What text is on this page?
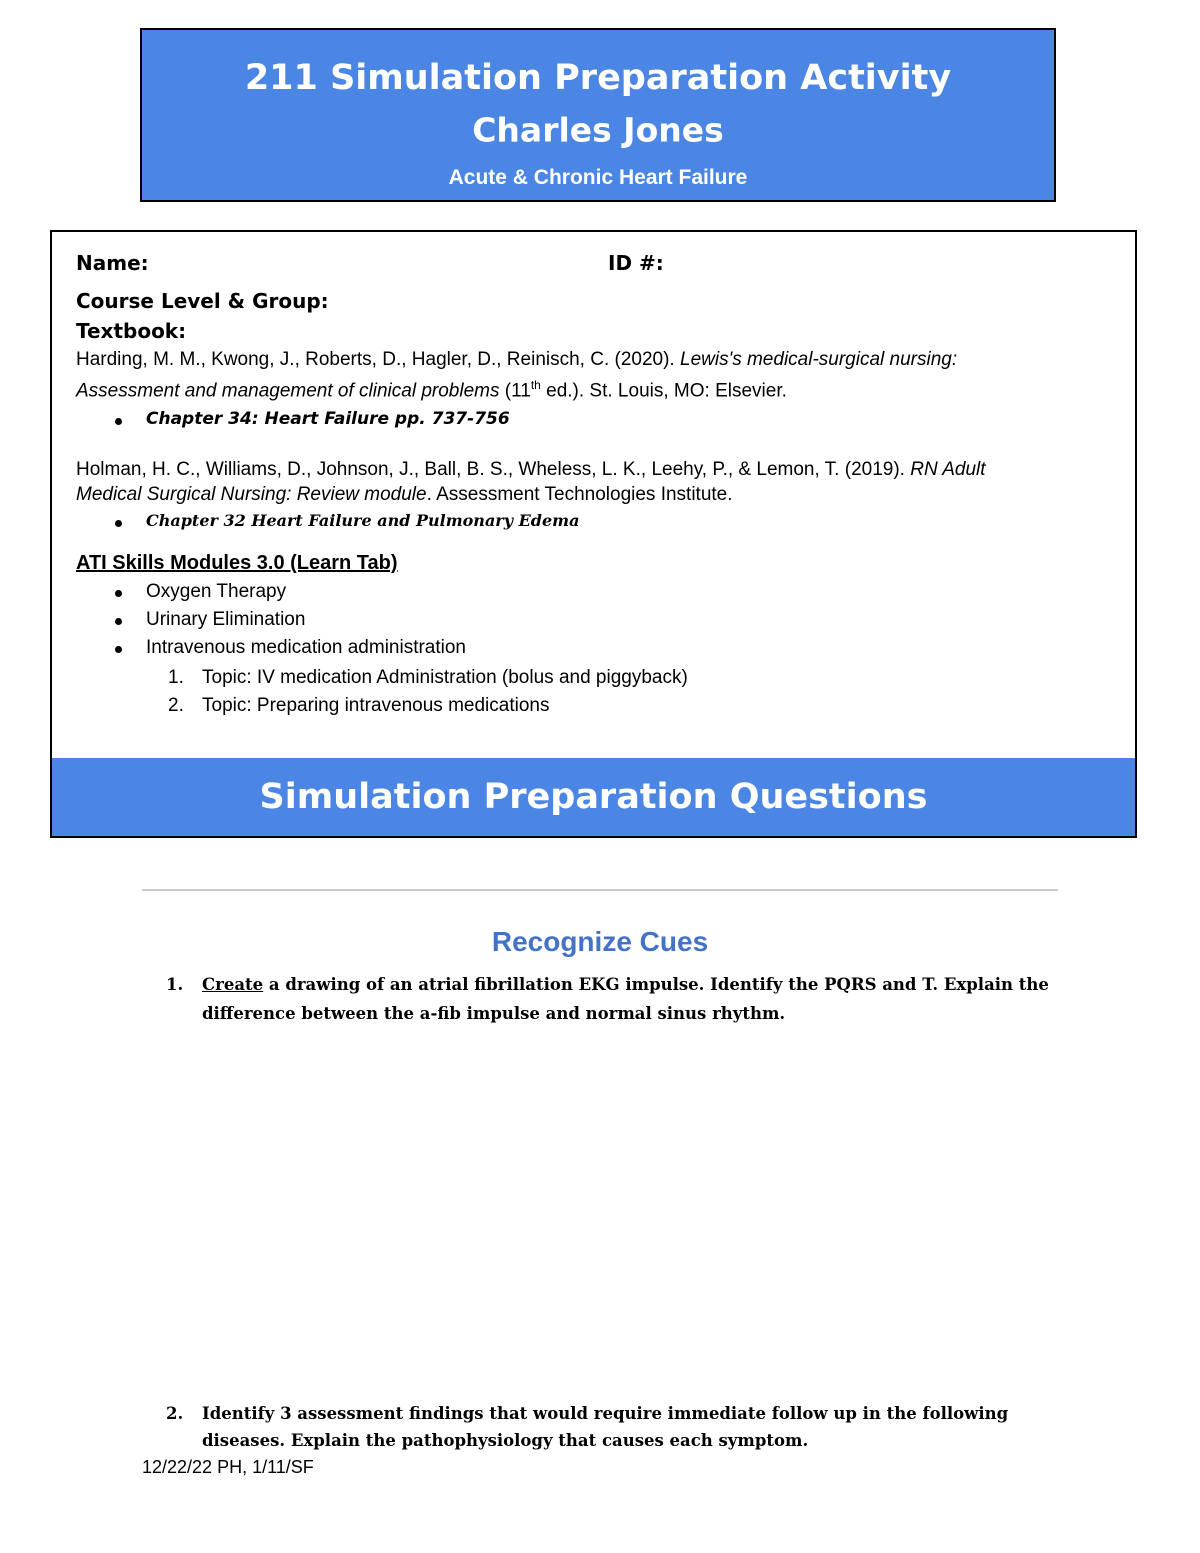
211 Simulation Preparation Activity
Charles Jones
Acute & Chronic Heart Failure
Name:	ID #:
Course Level & Group:
Textbook:
Harding, M. M., Kwong, J., Roberts, D., Hagler, D., Reinisch, C. (2020). Lewis's medical-surgical nursing:
Assessment and management of clinical problems (11th ed.). St. Louis, MO: Elsevier.
Chapter 34: Heart Failure pp. 737-756
Holman, H. C., Williams, D., Johnson, J., Ball, B. S., Wheless, L. K., Leehy, P., & Lemon, T. (2019). RN Adult
Medical Surgical Nursing: Review module. Assessment Technologies Institute.
Chapter 32 Heart Failure and Pulmonary Edema
ATI Skills Modules 3.0 (Learn Tab)
Oxygen Therapy
Urinary Elimination
Intravenous medication administration
1. Topic: IV medication Administration (bolus and piggyback)
2. Topic: Preparing intravenous medications
Simulation Preparation Questions
Recognize Cues
1. Create a drawing of an atrial fibrillation EKG impulse. Identify the PQRS and T. Explain the
difference between the a-fib impulse and normal sinus rhythm.
2. Identify 3 assessment findings that would require immediate follow up in the following
diseases. Explain the pathophysiology that causes each symptom.
12/22/22 PH, 1/11/SF
